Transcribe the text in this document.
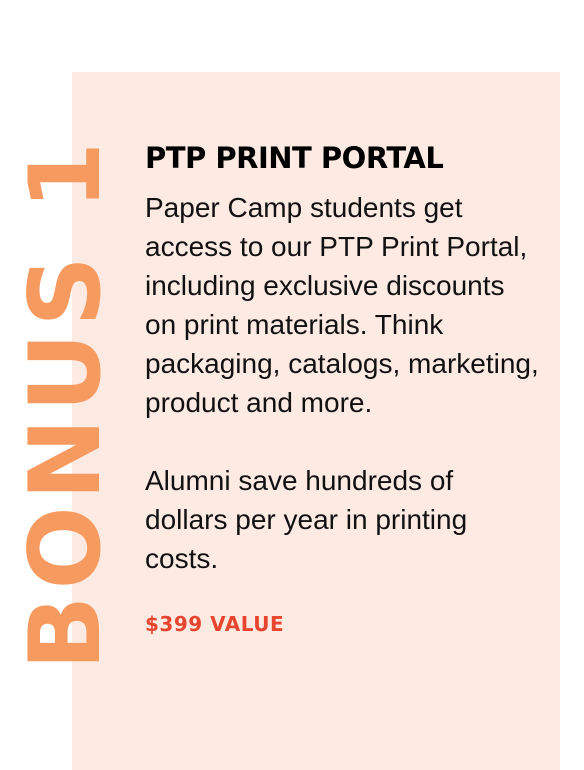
BONUS 1 PTP PRINT PORTAL

Paper Camp students get access to our PTP Print Portal, including exclusive discounts on print materials. Think packaging, catalogs, marketing, product and more.

Alumni save hundreds of dollars per year in printing costs.

$399 VALUE
